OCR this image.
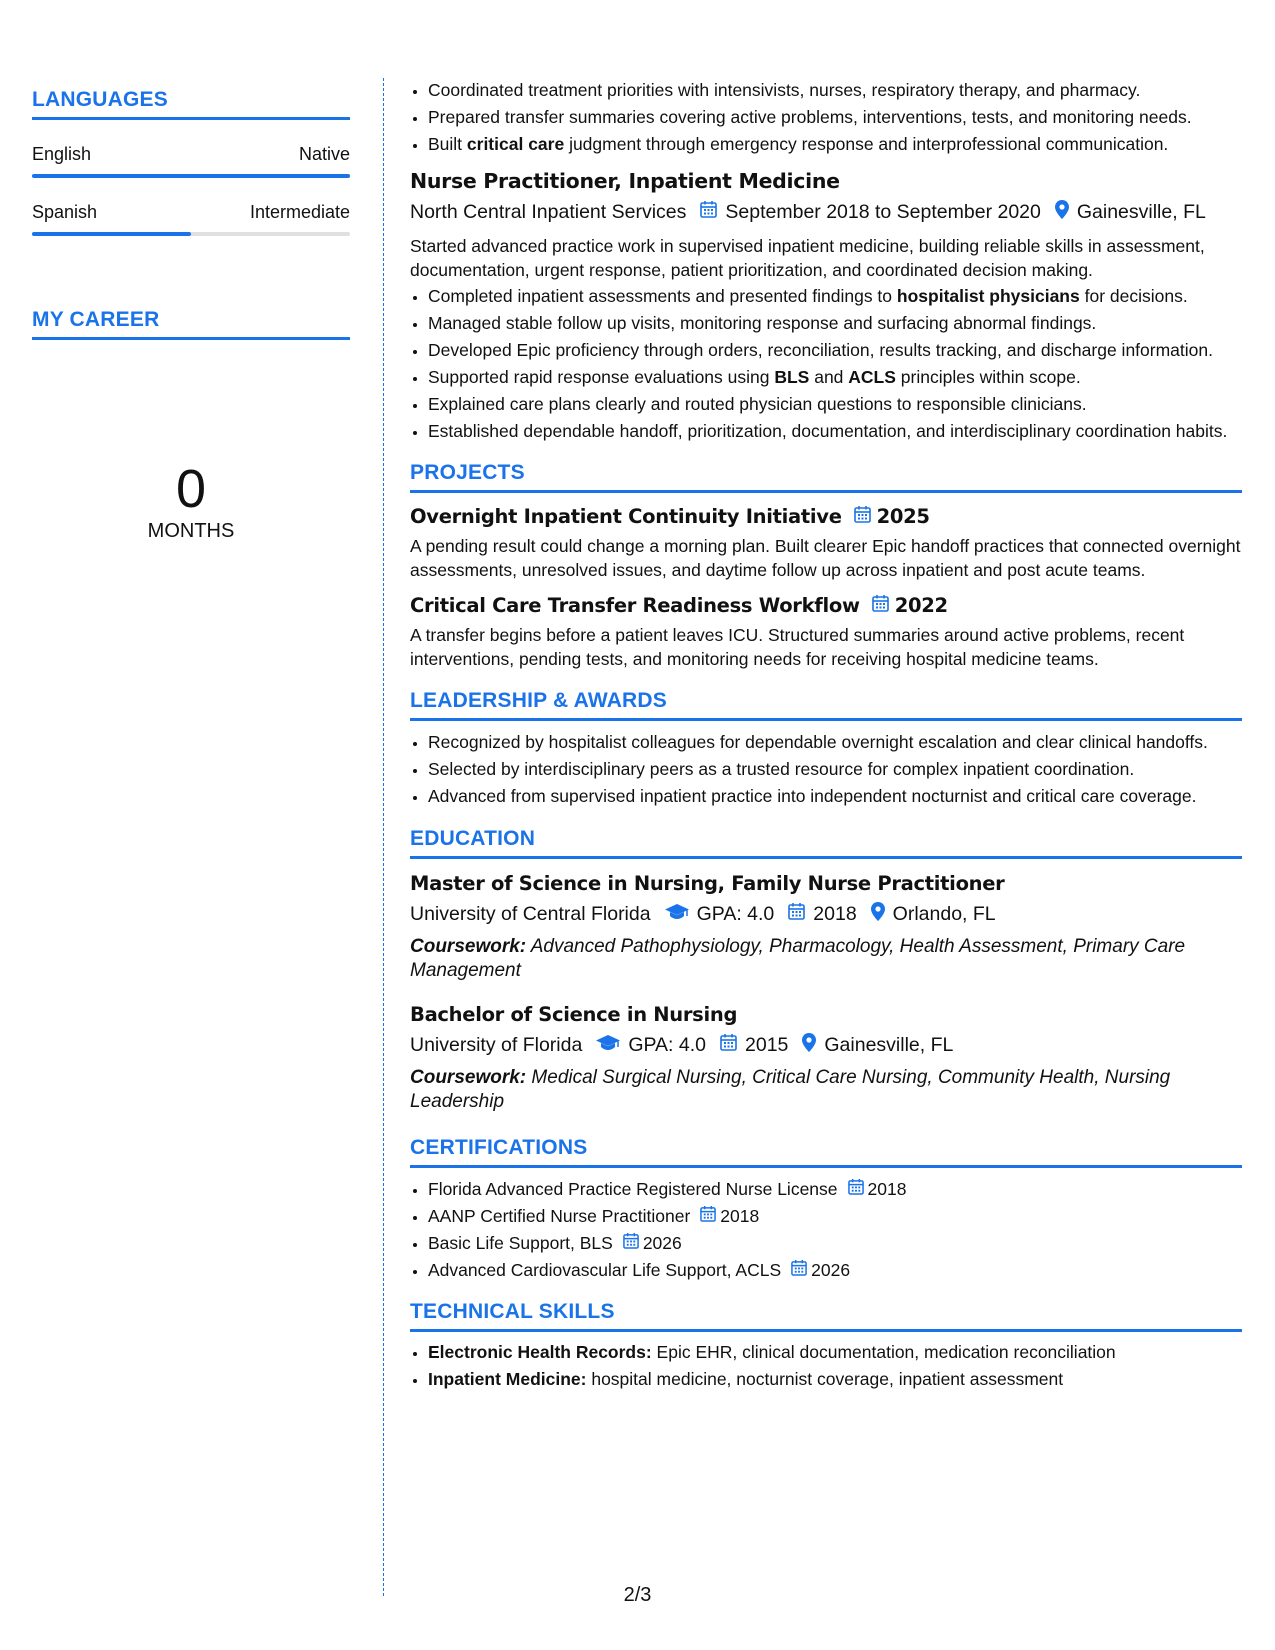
LANGUAGES
English	Native
Spanish	Intermediate
MY CAREER
0
MONTHS
• Coordinated treatment priorities with intensivists, nurses, respiratory therapy, and pharmacy.
• Prepared transfer summaries covering active problems, interventions, tests, and monitoring needs.
• Built critical care judgment through emergency response and interprofessional communication.
Nurse Practitioner, Inpatient Medicine
North Central Inpatient Services September 2018 to September 2020 Gainesville, FL
Started advanced practice work in supervised inpatient medicine, building reliable skills in assessment, documentation, urgent response, patient prioritization, and coordinated decision making.
• Completed inpatient assessments and presented findings to hospitalist physicians for decisions.
• Managed stable follow up visits, monitoring response and surfacing abnormal findings.
• Developed Epic proficiency through orders, reconciliation, results tracking, and discharge information.
• Supported rapid response evaluations using BLS and ACLS principles within scope.
• Explained care plans clearly and routed physician questions to responsible clinicians.
• Established dependable handoff, prioritization, documentation, and interdisciplinary coordination habits.
PROJECTS
Overnight Inpatient Continuity Initiative 2025
A pending result could change a morning plan. Built clearer Epic handoff practices that connected overnight assessments, unresolved issues, and daytime follow up across inpatient and post acute teams.
Critical Care Transfer Readiness Workflow 2022
A transfer begins before a patient leaves ICU. Structured summaries around active problems, recent interventions, pending tests, and monitoring needs for receiving hospital medicine teams.
LEADERSHIP & AWARDS
• Recognized by hospitalist colleagues for dependable overnight escalation and clear clinical handoffs.
• Selected by interdisciplinary peers as a trusted resource for complex inpatient coordination.
• Advanced from supervised inpatient practice into independent nocturnist and critical care coverage.
EDUCATION
Master of Science in Nursing, Family Nurse Practitioner
University of Central Florida GPA: 4.0 2018 Orlando, FL
Coursework: Advanced Pathophysiology, Pharmacology, Health Assessment, Primary Care Management
Bachelor of Science in Nursing
University of Florida GPA: 4.0 2015 Gainesville, FL
Coursework: Medical Surgical Nursing, Critical Care Nursing, Community Health, Nursing Leadership
CERTIFICATIONS
• Florida Advanced Practice Registered Nurse License 2018
• AANP Certified Nurse Practitioner 2018
• Basic Life Support, BLS 2026
• Advanced Cardiovascular Life Support, ACLS 2026
TECHNICAL SKILLS
• Electronic Health Records: Epic EHR, clinical documentation, medication reconciliation
• Inpatient Medicine: hospital medicine, nocturnist coverage, inpatient assessment
2/3
